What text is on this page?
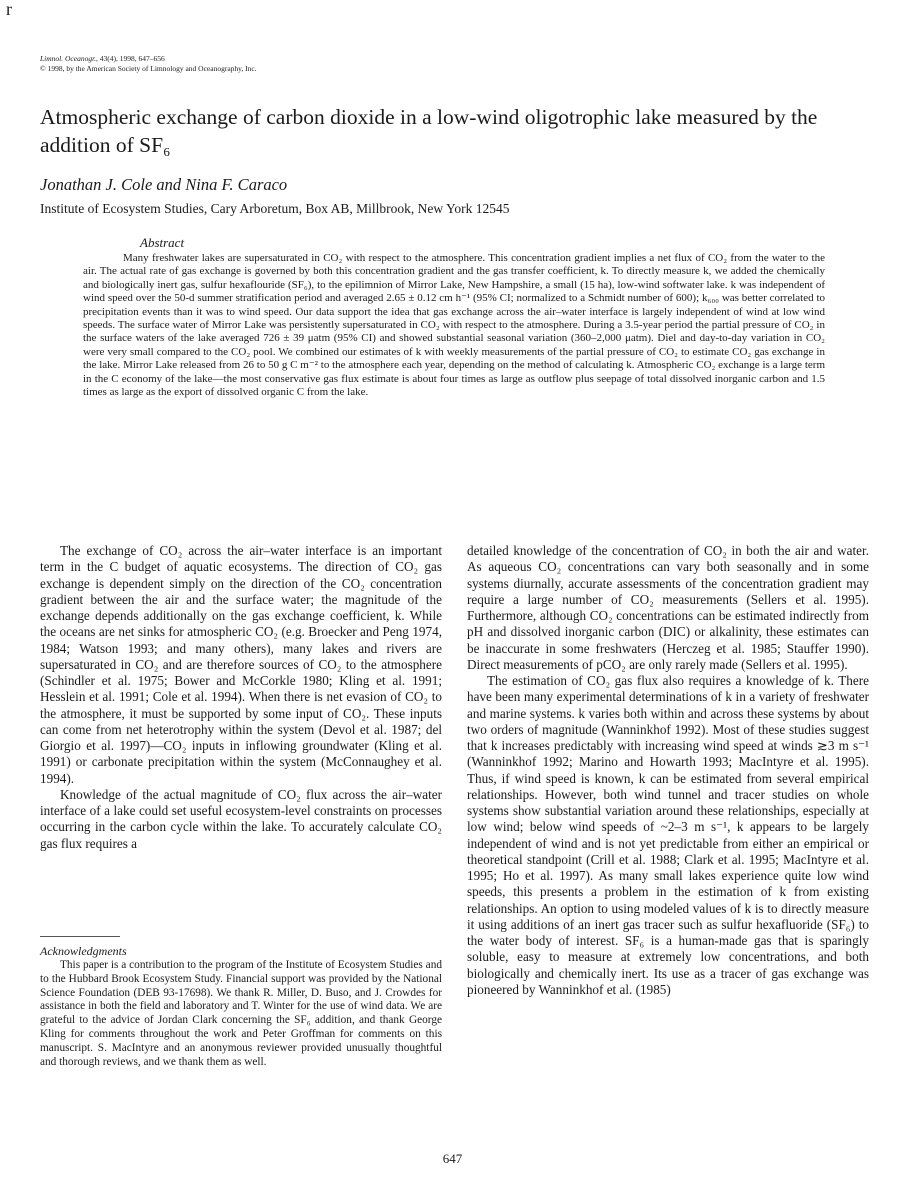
r
Limnol. Oceanogr., 43(4), 1998, 647–656
© 1998, by the American Society of Limnology and Oceanography, Inc.
Atmospheric exchange of carbon dioxide in a low-wind oligotrophic lake measured by the addition of SF₆
Jonathan J. Cole and Nina F. Caraco
Institute of Ecosystem Studies, Cary Arboretum, Box AB, Millbrook, New York 12545
Abstract

Many freshwater lakes are supersaturated in CO₂ with respect to the atmosphere. This concentration gradient implies a net flux of CO₂ from the water to the air. The actual rate of gas exchange is governed by both this concentration gradient and the gas transfer coefficient, k. To directly measure k, we added the chemically and biologically inert gas, sulfur hexaflouride (SF₆), to the epilimnion of Mirror Lake, New Hampshire, a small (15 ha), low-wind softwater lake. k was independent of wind speed over the 50-d summer stratification period and averaged 2.65 ± 0.12 cm h⁻¹ (95% CI; normalized to a Schmidt number of 600); k₆₀₀ was better correlated to precipitation events than it was to wind speed. Our data support the idea that gas exchange across the air–water interface is largely independent of wind at low wind speeds. The surface water of Mirror Lake was persistently supersaturated in CO₂ with respect to the atmosphere. During a 3.5-year period the partial pressure of CO₂ in the surface waters of the lake averaged 726 ± 39 μatm (95% CI) and showed substantial seasonal variation (360–2,000 μatm). Diel and day-to-day variation in CO₂ were very small compared to the CO₂ pool. We combined our estimates of k with weekly measurements of the partial pressure of CO₂ to estimate CO₂ gas exchange in the lake. Mirror Lake released from 26 to 50 g C m⁻² to the atmosphere each year, depending on the method of calculating k. Atmospheric CO₂ exchange is a large term in the C economy of the lake—the most conservative gas flux estimate is about four times as large as outflow plus seepage of total dissolved inorganic carbon and 1.5 times as large as the export of dissolved organic C from the lake.

The exchange of CO₂ across the air–water interface is an important term in the C budget of aquatic ecosystems. The direction of CO₂ gas exchange is dependent simply on the direction of the CO₂ concentration gradient between the air and the surface water; the magnitude of the exchange depends additionally on the gas exchange coefficient, k. While the oceans are net sinks for atmospheric CO₂ (e.g. Broecker and Peng 1974, 1984; Watson 1993; and many others), many lakes and rivers are supersaturated in CO₂ and are therefore sources of CO₂ to the atmosphere (Schindler et al. 1975; Bower and McCorkle 1980; Kling et al. 1991; Hesslein et al. 1991; Cole et al. 1994). When there is net evasion of CO₂ to the atmosphere, it must be supported by some input of CO₂. These inputs can come from net heterotrophy within the system (Devol et al. 1987; del Giorgio et al. 1997)—CO₂ inputs in inflowing groundwater (Kling et al. 1991) or carbonate precipitation within the system (McConnaughey et al. 1994).

Knowledge of the actual magnitude of CO₂ flux across the air–water interface of a lake could set useful ecosystem-level constraints on processes occurring in the carbon cycle within the lake. To accurately calculate CO₂ gas flux requires a

Acknowledgments

This paper is a contribution to the program of the Institute of Ecosystem Studies and to the Hubbard Brook Ecosystem Study. Financial support was provided by the National Science Foundation (DEB 93-17698). We thank R. Miller, D. Buso, and J. Crowdes for assistance in both the field and laboratory and T. Winter for the use of wind data. We are grateful to the advice of Jordan Clark concerning the SF₆ addition, and thank George Kling for comments throughout the work and Peter Groffman for comments on this manuscript. S. MacIntyre and an anonymous reviewer provided unusually thoughtful and thorough reviews, and we thank them as well.

detailed knowledge of the concentration of CO₂ in both the air and water. As aqueous CO₂ concentrations can vary both seasonally and in some systems diurnally, accurate assessments of the concentration gradient may require a large number of CO₂ measurements (Sellers et al. 1995). Furthermore, although CO₂ concentrations can be estimated indirectly from pH and dissolved inorganic carbon (DIC) or alkalinity, these estimates can be inaccurate in some freshwaters (Herczeg et al. 1985; Stauffer 1990). Direct measurements of pCO₂ are only rarely made (Sellers et al. 1995).

The estimation of CO₂ gas flux also requires a knowledge of k. There have been many experimental determinations of k in a variety of freshwater and marine systems. k varies both within and across these systems by about two orders of magnitude (Wanninkhof 1992). Most of these studies suggest that k increases predictably with increasing wind speed at winds ≳3 m s⁻¹ (Wanninkhof 1992; Marino and Howarth 1993; MacIntyre et al. 1995). Thus, if wind speed is known, k can be estimated from several empirical relationships. However, both wind tunnel and tracer studies on whole systems show substantial variation around these relationships, especially at low wind; below wind speeds of ~2–3 m s⁻¹, k appears to be largely independent of wind and is not yet predictable from either an empirical or theoretical standpoint (Crill et al. 1988; Clark et al. 1995; MacIntyre et al. 1995; Ho et al. 1997). As many small lakes experience quite low wind speeds, this presents a problem in the estimation of k from existing relationships. An option to using modeled values of k is to directly measure it using additions of an inert gas tracer such as sulfur hexafluoride (SF₆) to the water body of interest. SF₆ is a human-made gas that is sparingly soluble, easy to measure at extremely low concentrations, and both biologically and chemically inert. Its use as a tracer of gas exchange was pioneered by Wanninkhof et al. (1985)

647
